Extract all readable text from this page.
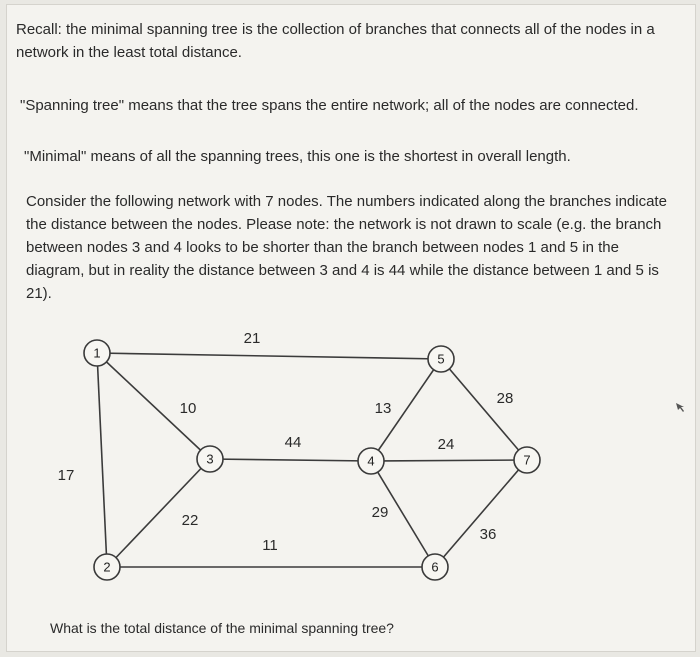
Recall: the minimal spanning tree is the collection of branches that connects all of the nodes in a network in the least total distance.

"Spanning tree" means that the tree spans the entire network; all of the nodes are connected.

"Minimal" means of all the spanning trees, this one is the shortest in overall length.

Consider the following network with 7 nodes. The numbers indicated along the branches indicate the distance between the nodes. Please note: the network is not drawn to scale (e.g. the branch between nodes 3 and 4 looks to be shorter than the branch between nodes 1 and 5 in the diagram, but in reality the distance between 3 and 4 is 44 while the distance between 1 and 5 is 21).

21
10
17
22
11
44
13
29
24
28
36
1
2
3	4
5
6
7

What is the total distance of the minimal spanning tree?
